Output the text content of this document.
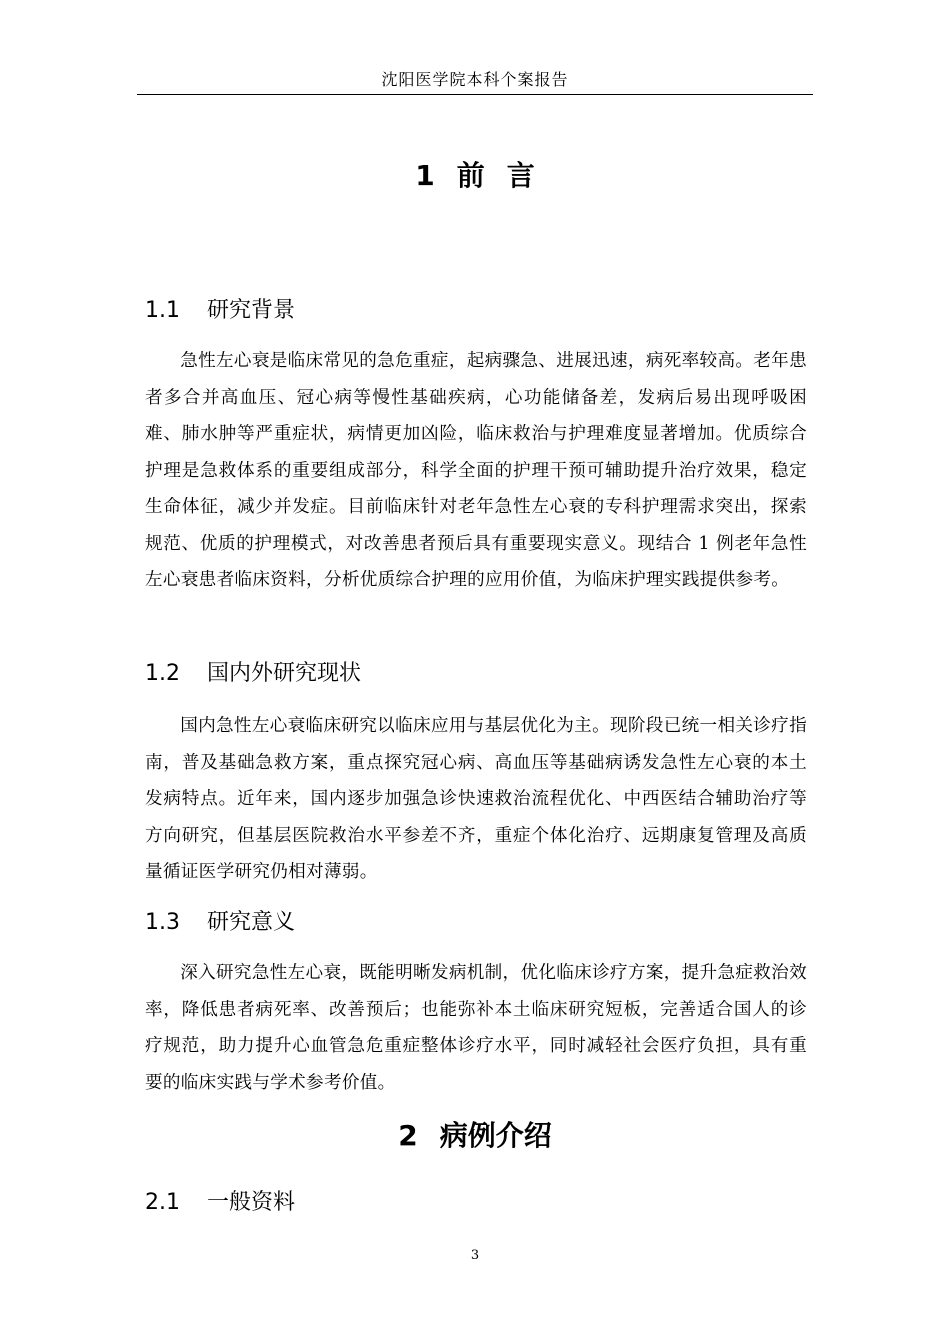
沈阳医学院本科个案报告
1 前言
1.1 研究背景

急性左心衰是临床常见的急危重症，起病骤急、进展迅速，病死率较高。老年患者多合并高血压、冠心病等慢性基础疾病，心功能储备差，发病后易出现呼吸困难、肺水肿等严重症状，病情更加凶险，临床救治与护理难度显著增加。优质综合护理是急救体系的重要组成部分，科学全面的护理干预可辅助提升治疗效果，稳定生命体征，减少并发症。目前临床针对老年急性左心衰的专科护理需求突出，探索规范、优质的护理模式，对改善患者预后具有重要现实意义。现结合 1 例老年急性左心衰患者临床资料，分析优质综合护理的应用价值，为临床护理实践提供参考。

1.2 国内外研究现状

国内急性左心衰临床研究以临床应用与基层优化为主。现阶段已统一相关诊疗指南，普及基础急救方案，重点探究冠心病、高血压等基础病诱发急性左心衰的本土发病特点。近年来，国内逐步加强急诊快速救治流程优化、中西医结合辅助治疗等方向研究，但基层医院救治水平参差不齐，重症个体化治疗、远期康复管理及高质量循证医学研究仍相对薄弱。

1.3 研究意义

深入研究急性左心衰，既能明晰发病机制，优化临床诊疗方案，提升急症救治效率，降低患者病死率、改善预后；也能弥补本土临床研究短板，完善适合国人的诊疗规范，助力提升心血管急危重症整体诊疗水平，同时减轻社会医疗负担，具有重要的临床实践与学术参考价值。

2 病例介绍
2.1 一般资料
3
